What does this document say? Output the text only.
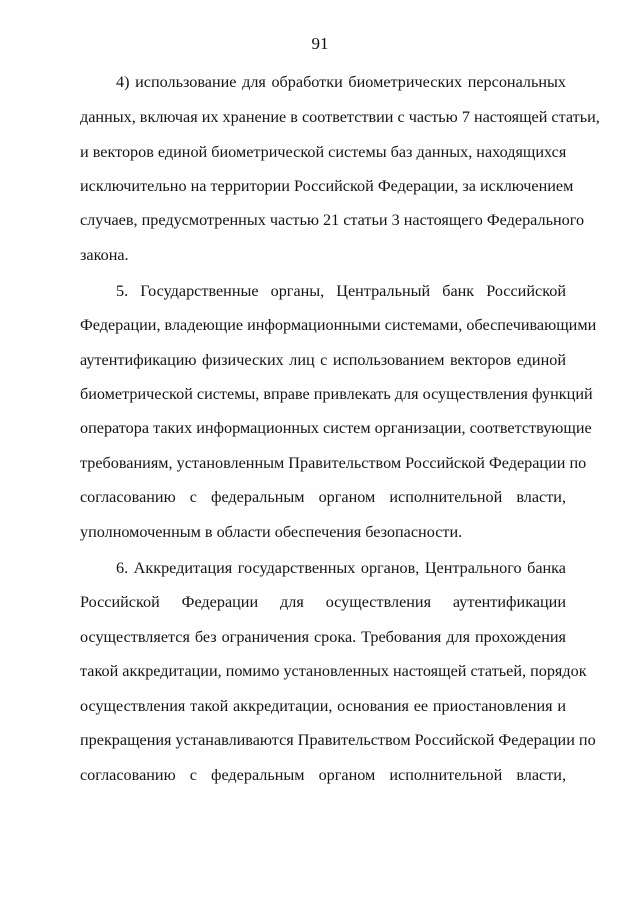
91
4) использование для обработки биометрических персональных
данных, включая их хранение в соответствии с частью 7 настоящей статьи,
и векторов единой биометрической системы баз данных, находящихся
исключительно на территории Российской Федерации, за исключением
случаев, предусмотренных частью 21 статьи 3 настоящего Федерального
закона.
5. Государственные органы, Центральный банк Российской
Федерации, владеющие информационными системами, обеспечивающими
аутентификацию физических лиц с использованием векторов единой
биометрической системы, вправе привлекать для осуществления функций
оператора таких информационных систем организации, соответствующие
требованиям, установленным Правительством Российской Федерации по
согласованию с федеральным органом исполнительной власти,
уполномоченным в области обеспечения безопасности.
6. Аккредитация государственных органов, Центрального банка
Российской Федерации для осуществления аутентификации
осуществляется без ограничения срока. Требования для прохождения
такой аккредитации, помимо установленных настоящей статьей, порядок
осуществления такой аккредитации, основания ее приостановления и
прекращения устанавливаются Правительством Российской Федерации по
согласованию с федеральным органом исполнительной власти,
